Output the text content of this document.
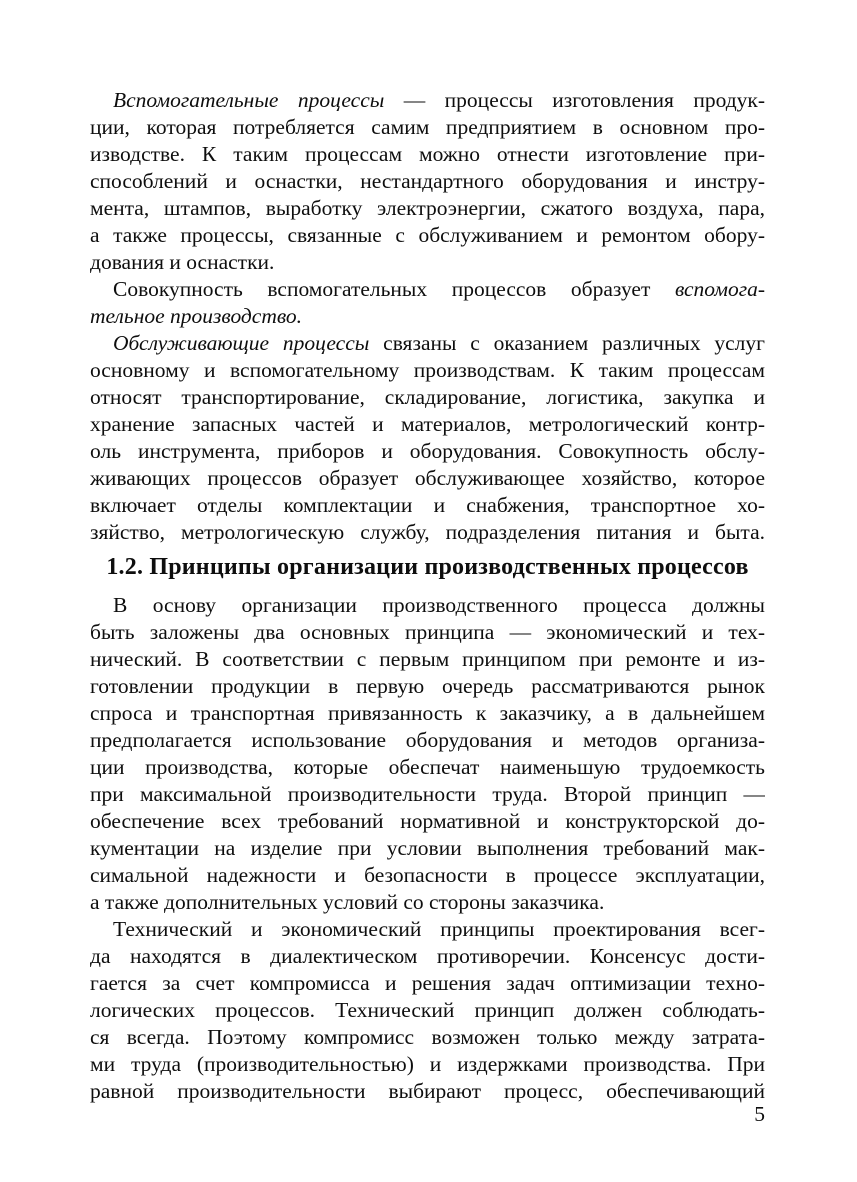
Вспомогательные процессы — процессы изготовления продук-
ции, которая потребляется самим предприятием в основном про-
изводстве. К таким процессам можно отнести изготовление при-
способлений и оснастки, нестандартного оборудования и инстру-
мента, штампов, выработку электроэнергии, сжатого воздуха, пара,
а также процессы, связанные с обслуживанием и ремонтом обору-
дования и оснастки.
Совокупность вспомогательных процессов образует вспомога-
тельное производство.
Обслуживающие процессы связаны с оказанием различных услуг
основному и вспомогательному производствам. К таким процессам
относят транспортирование, складирование, логистика, закупка и
хранение запасных частей и материалов, метрологический контр-
оль инструмента, приборов и оборудования. Совокупность обслу-
живающих процессов образует обслуживающее хозяйство, которое
включает отделы комплектации и снабжения, транспортное хо-
зяйство, метрологическую службу, подразделения питания и быта.
1.2. Принципы организации производственных процессов
В основу организации производственного процесса должны
быть заложены два основных принципа — экономический и тех-
нический. В соответствии с первым принципом при ремонте и из-
готовлении продукции в первую очередь рассматриваются рынок
спроса и транспортная привязанность к заказчику, а в дальнейшем
предполагается использование оборудования и методов организа-
ции производства, которые обеспечат наименьшую трудоемкость
при максимальной производительности труда. Второй принцип —
обеспечение всех требований нормативной и конструкторской до-
кументации на изделие при условии выполнения требований мак-
симальной надежности и безопасности в процессе эксплуатации,
а также дополнительных условий со стороны заказчика.
Технический и экономический принципы проектирования всег-
да находятся в диалектическом противоречии. Консенсус дости-
гается за счет компромисса и решения задач оптимизации техно-
логических процессов. Технический принцип должен соблюдать-
ся всегда. Поэтому компромисс возможен только между затрата-
ми труда (производительностью) и издержками производства. При
равной производительности выбирают процесс, обеспечивающий
5
